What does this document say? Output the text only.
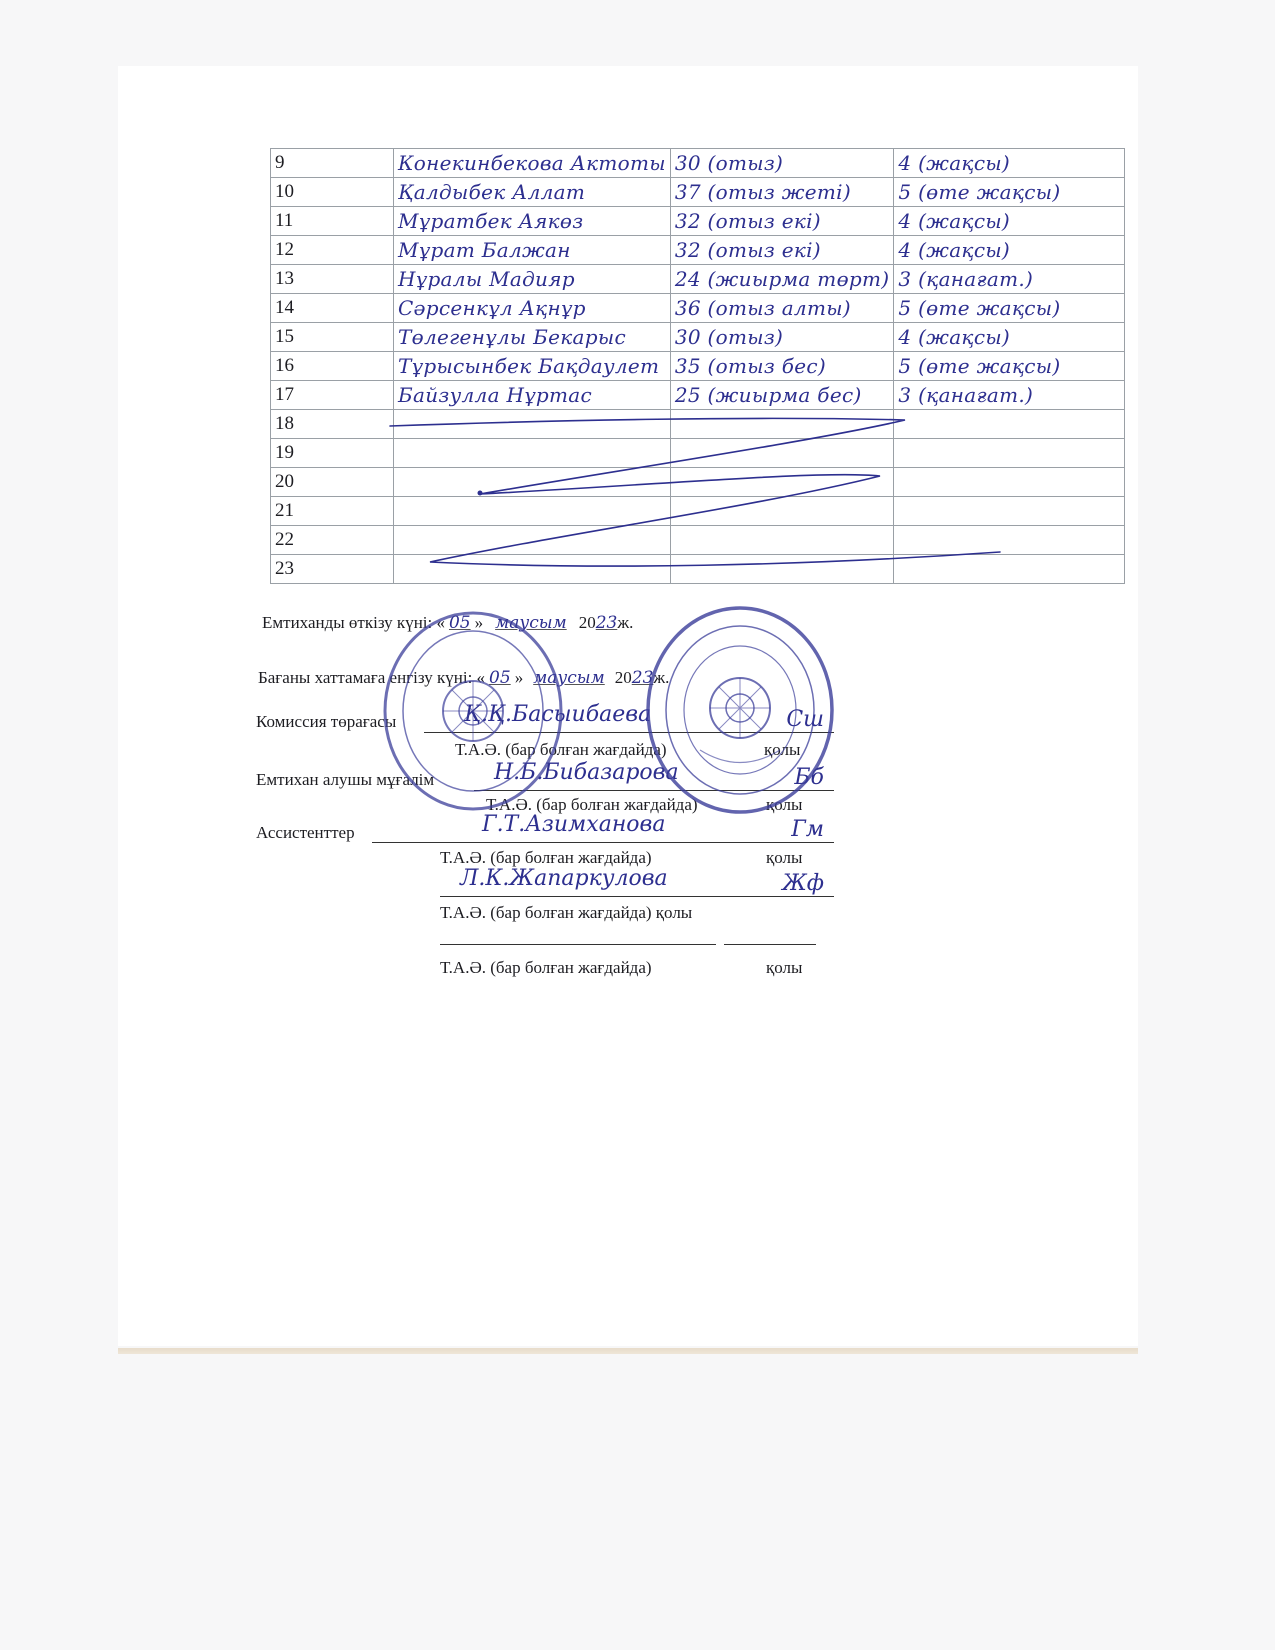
9	Конекинбекова Актоты	30 (отыз)	4 (жақсы)
10	Қалдыбек Аллат	37 (отыз жеті)	5 (өте жақсы)
11	Мұратбек Аякөз	32 (отыз екі)	4 (жақсы)
12	Мұрат Балжан	32 (отыз екі)	4 (жақсы)
13	Нұралы Мадияр	24 (жиырма төрт)	3 (қанағат.)
14	Сәрсенкұл Ақнұр	36 (отыз алты)	5 (өте жақсы)
15	Төлегенұлы Бекарыс	30 (отыз)	4 (жақсы)
16	Тұрысынбек Бақдаулет	35 (отыз бес)	5 (өте жақсы)
17	Байзулла Нұртас	25 (жиырма бес)	3 (қанағат.)
18			
19			
20			
21			
22			
23			
Емтиханды өткізу күні: « 05 » маусым 2023ж.
Бағаны хаттамаға енгізу күні: « 05 » маусым 2023ж.
Комиссия төрағасы	Қ.Қ.Басыибаева	Сш
Т.А.Ә. (бар болған жағдайда)	қолы
Емтихан алушы мұғалім	Н.Б.Бибазарова	Бб
Т.А.Ә. (бар болған жағдайда)	қолы
Ассистенттер	Г.Т.Азимханова	Гм
Т.А.Ә. (бар болған жағдайда)	қолы
Л.К.Жапаркулова	Жф
Т.А.Ә. (бар болған жағдайда) қолы
Т.А.Ә. (бар болған жағдайда)	қолы
